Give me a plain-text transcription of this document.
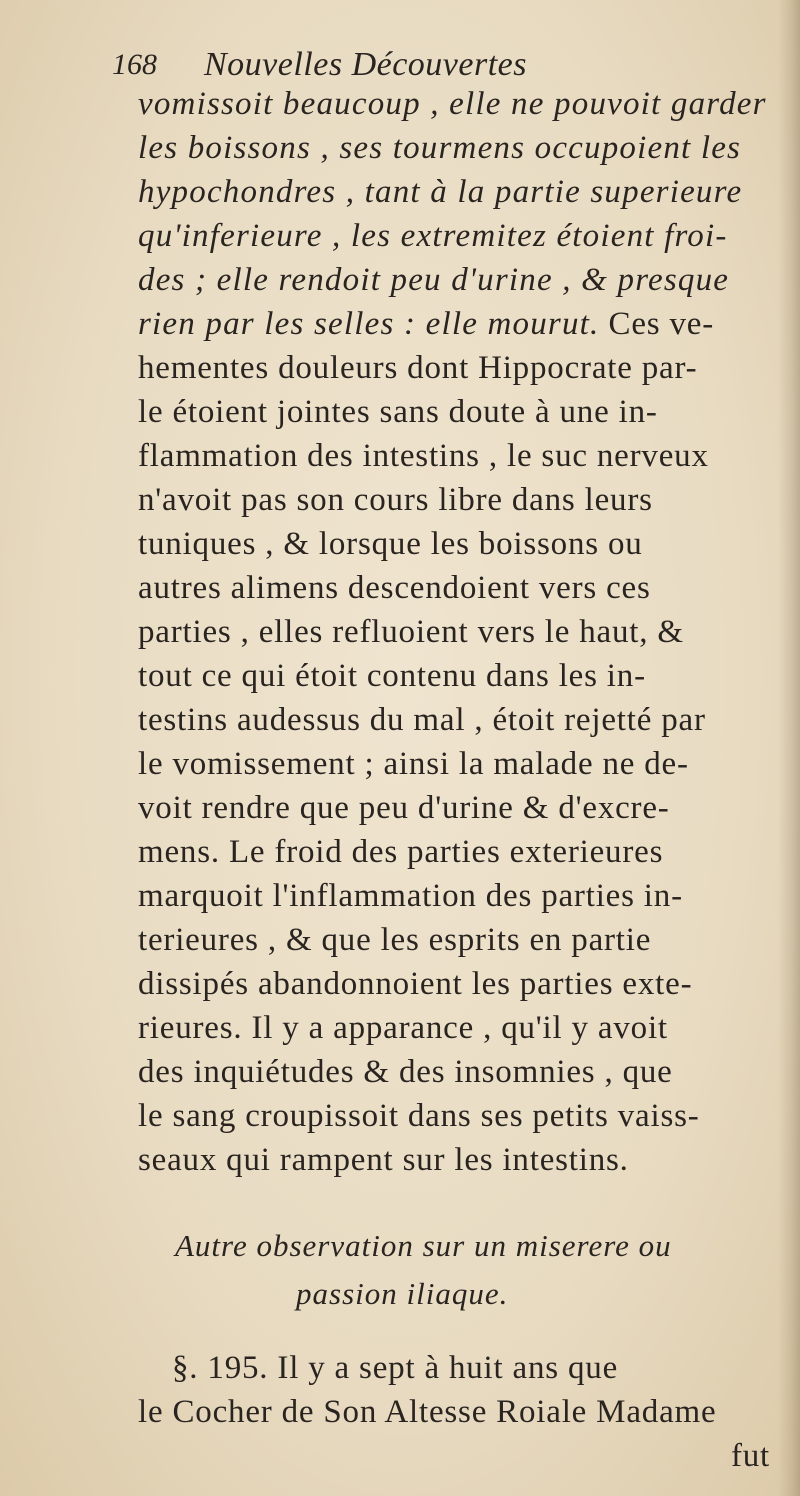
168 Nouvelles Découvertes
vomissoit beaucoup , elle ne pouvoit garder
les boissons , ses tourmens occupoient les
hypochondres , tant à la partie superieure
qu'inferieure , les extremitez étoient froi-
des ; elle rendoit peu d'urine , & presque
rien par les selles : elle mourut. Ces ve-
hementes douleurs dont Hippocrate par-
le étoient jointes sans doute à une in-
flammation des intestins , le suc nerveux
n'avoit pas son cours libre dans leurs
tuniques , & lorsque les boissons ou
autres alimens descendoient vers ces
parties , elles refluoient vers le haut, &
tout ce qui étoit contenu dans les in-
testins audessus du mal , étoit rejetté par
le vomissement ; ainsi la malade ne de-
voit rendre que peu d'urine & d'excre-
mens. Le froid des parties exterieures
marquoit l'inflammation des parties in-
terieures , & que les esprits en partie
dissipés abandonnoient les parties exte-
rieures. Il y a apparance , qu'il y avoit
des inquiétudes & des insomnies , que
le sang croupissoit dans ses petits vaiss-
seaux qui rampent sur les intestins.
Autre observation sur un miserere ou
passion iliaque.
§. 195. Il y a sept à huit ans que
le Cocher de Son Altesse Roiale Madame
fut
